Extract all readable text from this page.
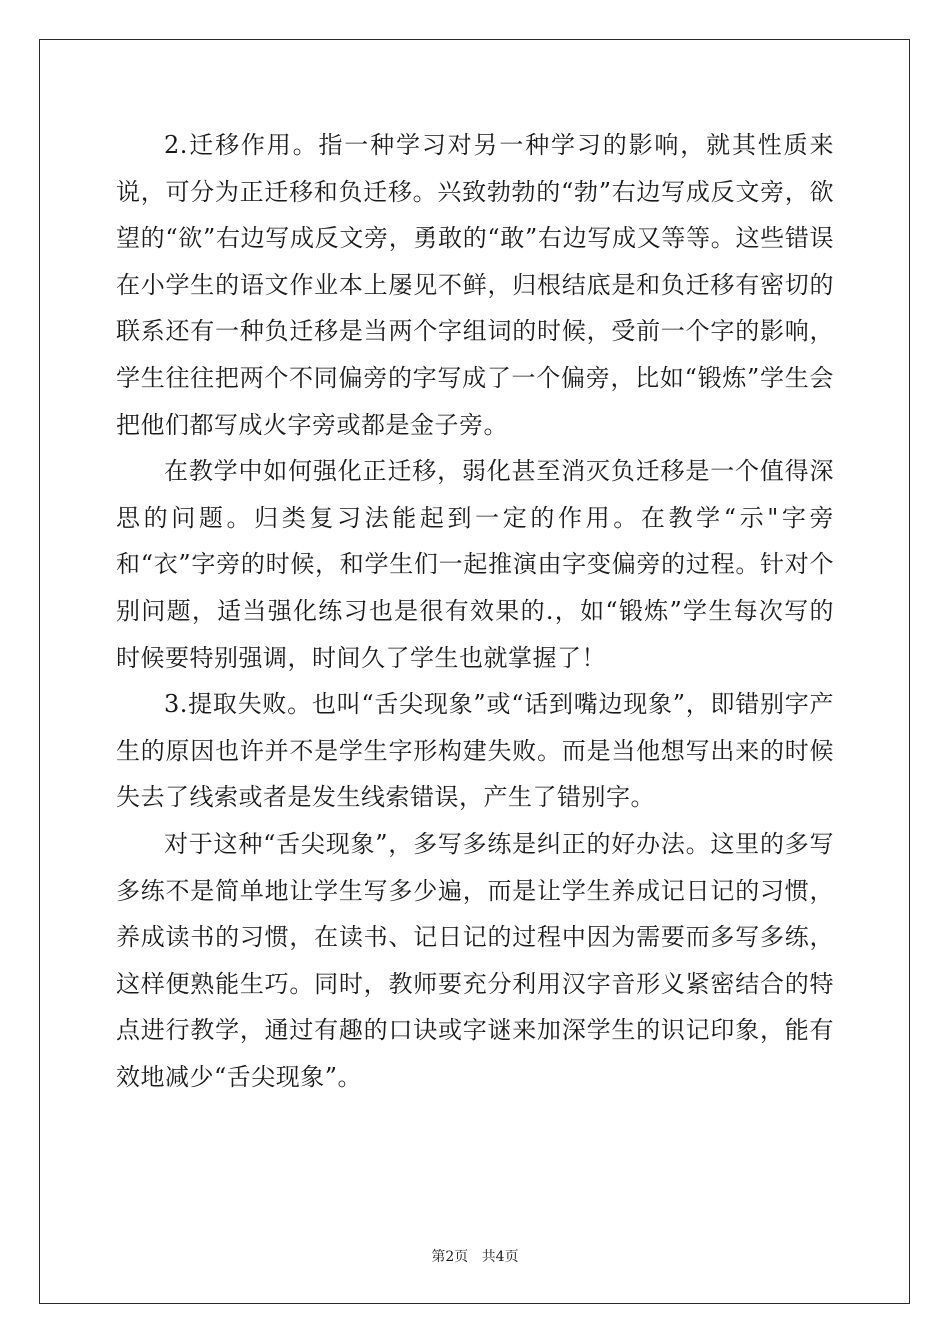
2.迁移作用。指一种学习对另一种学习的影响，就其性质来说，可分为正迁移和负迁移。兴致勃勃的“勃”右边写成反文旁，欲望的“欲”右边写成反文旁，勇敢的“敢”右边写成又等等。这些错误在小学生的语文作业本上屡见不鲜，归根结底是和负迁移有密切的联系还有一种负迁移是当两个字组词的时候，受前一个字的影响，学生往往把两个不同偏旁的字写成了一个偏旁，比如“锻炼”学生会把他们都写成火字旁或都是金子旁。

在教学中如何强化正迁移，弱化甚至消灭负迁移是一个值得深思的问题。归类复习法能起到一定的作用。在教学“示"字旁和“衣”字旁的时候，和学生们一起推演由字变偏旁的过程。针对个别问题，适当强化练习也是很有效果的.，如“锻炼”学生每次写的时候要特别强调，时间久了学生也就掌握了！

3.提取失败。也叫“舌尖现象”或“话到嘴边现象”，即错别字产生的原因也许并不是学生字形构建失败。而是当他想写出来的时候失去了线索或者是发生线索错误，产生了错别字。

对于这种“舌尖现象”，多写多练是纠正的好办法。这里的多写多练不是简单地让学生写多少遍，而是让学生养成记日记的习惯，养成读书的习惯，在读书、记日记的过程中因为需要而多写多练，这样便熟能生巧。同时，教师要充分利用汉字音形义紧密结合的特点进行教学，通过有趣的口诀或字谜来加深学生的识记印象，能有效地减少“舌尖现象”。

第2页 共4页
